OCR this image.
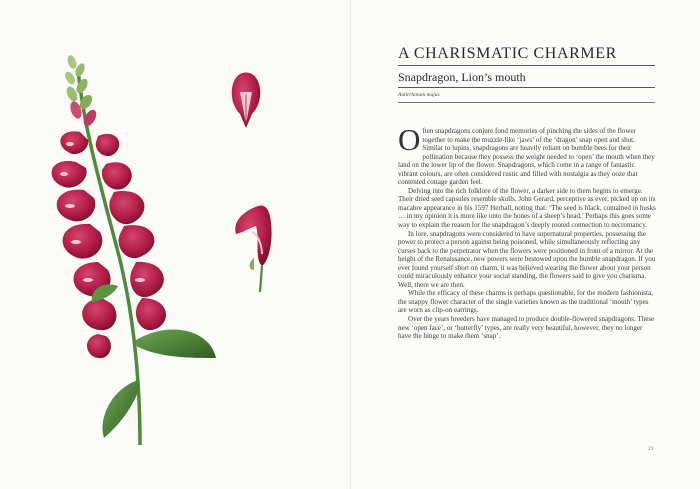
A CHARISMATIC CHARMER
Snapdragon, Lion’s mouth
Antirrhinum majus

Often snapdragons conjure fond memories of pinching the sides of the flower together to make the muzzle-like ‘jaws’ of the ‘dragon’ snap open and shut. Similar to lupins, snapdragons are heavily reliant on bumble bees for their pollination because they possess the weight needed to ‘open’ the mouth when they land on the lower lip of the flower. Snapdragons, which come in a range of fantastic vibrant colours, are often considered rustic and filled with nostalgia as they ooze that contented cottage garden feel.

Delving into the rich folklore of the flower, a darker side to them begins to emerge. Their dried seed capsules resemble skulls. John Gerard, perceptive as ever, picked up on its macabre appearance in his 1597 Herball, noting that: ‘The seed is black, contained in husks … in my opinion it is more like unto the bones of a sheep’s head.’ Perhaps this goes some way to explain the reason for the snapdragon’s deeply rooted connection to necromancy.

In lore, snapdragons were considered to have supernatural properties, possessing the power to protect a person against being poisoned, while simultaneously reflecting any curses back to the perpetrator when the flowers were positioned in front of a mirror. At the height of the Renaissance, new powers were bestowed upon the humble snapdragon. If you ever found yourself short on charm, it was believed wearing the flower about your person could miraculously enhance your social standing, the flowers said to give you charisma. Well, there we are then.

While the efficacy of these charms is perhaps questionable, for the modern fashionista, the snappy flower character of the single varieties known as the traditional ‘mouth’ types are worn as clip-on earrings.

Over the years breeders have managed to produce double-flowered snapdragons. These new ‘open face’, or ‘butterfly’ types, are really very beautiful, however, they no longer have the hinge to make them ‘snap’.

21
